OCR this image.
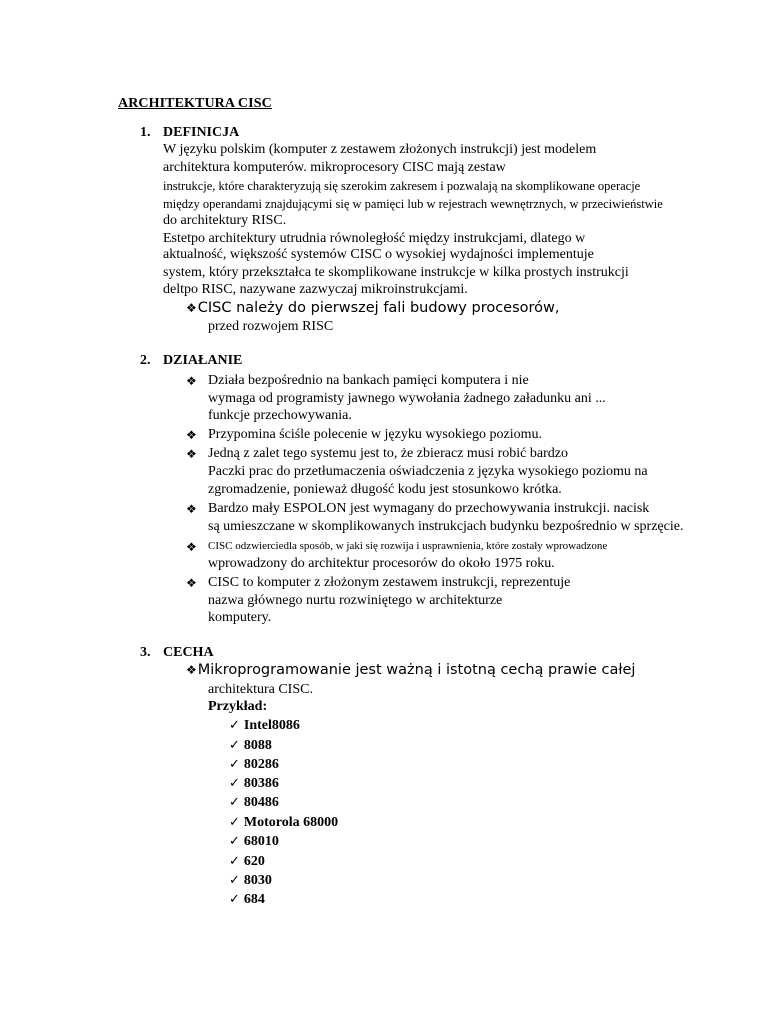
ARCHITEKTURA CISC
1. DEFINICJA
W języku polskim (komputer z zestawem złożonych instrukcji) jest modelem
architektura komputerów. mikroprocesory CISC mają zestaw
instrukcje, które charakteryzują się szerokim zakresem i pozwalają na skomplikowane operacje
między operandami znajdującymi się w pamięci lub w rejestrach wewnętrznych, w przeciwieństwie
do architektury RISC.
Estetpo architektury utrudnia równoległość między instrukcjami, dlatego w
aktualność, większość systemów CISC o wysokiej wydajności implementuje
system, który przekształca te skomplikowane instrukcje w kilka prostych instrukcji
deltpo RISC, nazywane zazwyczaj mikroinstrukcjami.
❖CISC należy do pierwszej fali budowy procesorów,
przed rozwojem RISC
2. DZIAŁANIE
❖ Działa bezpośrednio na bankach pamięci komputera i nie
wymaga od programisty jawnego wywołania żadnego załadunku ani ...
funkcje przechowywania.
❖ Przypomina ściśle polecenie w języku wysokiego poziomu.
❖ Jedną z zalet tego systemu jest to, że zbieracz musi robić bardzo
Paczki prac do przetłumaczenia oświadczenia z języka wysokiego poziomu na
zgromadzenie, ponieważ długość kodu jest stosunkowo krótka.
❖ Bardzo mały ESPOLON jest wymagany do przechowywania instrukcji. nacisk
są umieszczane w skomplikowanych instrukcjach budynku bezpośrednio w sprzęcie.
❖ CISC odzwierciedla sposób, w jaki się rozwija i usprawnienia, które zostały wprowadzone
wprowadzony do architektur procesorów do około 1975 roku.
❖ CISC to komputer z złożonym zestawem instrukcji, reprezentuje
nazwa głównego nurtu rozwiniętego w architekturze
komputery.
3. CECHA
❖Mikroprogramowanie jest ważną i istotną cechą prawie całej
architektura CISC.
Przykład:
✓ Intel8086
✓ 8088
✓ 80286
✓ 80386
✓ 80486
✓ Motorola 68000
✓ 68010
✓ 620
✓ 8030
✓ 684
